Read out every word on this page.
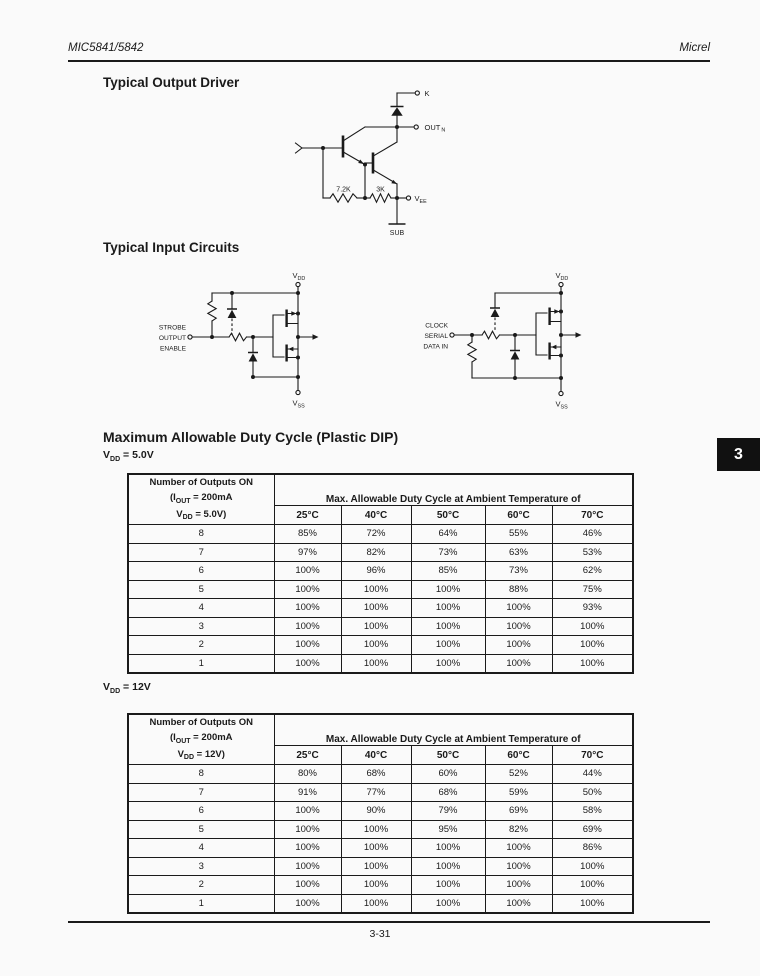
MIC5841/5842	Micrel
Typical Output Driver
K
$OUT_N$
7.2K	3K
$V_{EE}$
SUB
Typical Input Circuits
$V_{DD}$
STROBE
OUTPUT
ENABLE
$V_{SS}$
$V_{DD}$
CLOCK
SERIAL
DATA IN
$V_{SS}$
Maximum Allowable Duty Cycle (Plastic DIP)
$V_{DD} = 5.0V$
Number of Outputs ON
($I_{OUT} = 200mA$
$V_{DD} = 5.0V$)	Max. Allowable Duty Cycle at Ambient Temperature of				
	25°C	40°C	50°C	60°C	70°C
8	85%	72%	64%	55%	46%
7	97%	82%	73%	63%	53%
6	100%	96%	85%	73%	62%
5	100%	100%	100%	88%	75%
4	100%	100%	100%	100%	93%
3	100%	100%	100%	100%	100%
2	100%	100%	100%	100%	100%
1	100%	100%	100%	100%	100%
$V_{DD} = 12V$
Number of Outputs ON
($I_{OUT} = 200mA$
$V_{DD} = 12V$)	Max. Allowable Duty Cycle at Ambient Temperature of				
	25°C	40°C	50°C	60°C	70°C
8	80%	68%	60%	52%	44%
7	91%	77%	68%	59%	50%
6	100%	90%	79%	69%	58%
5	100%	100%	95%	82%	69%
4	100%	100%	100%	100%	86%
3	100%	100%	100%	100%	100%
2	100%	100%	100%	100%	100%
1	100%	100%	100%	100%	100%
3
3-31
